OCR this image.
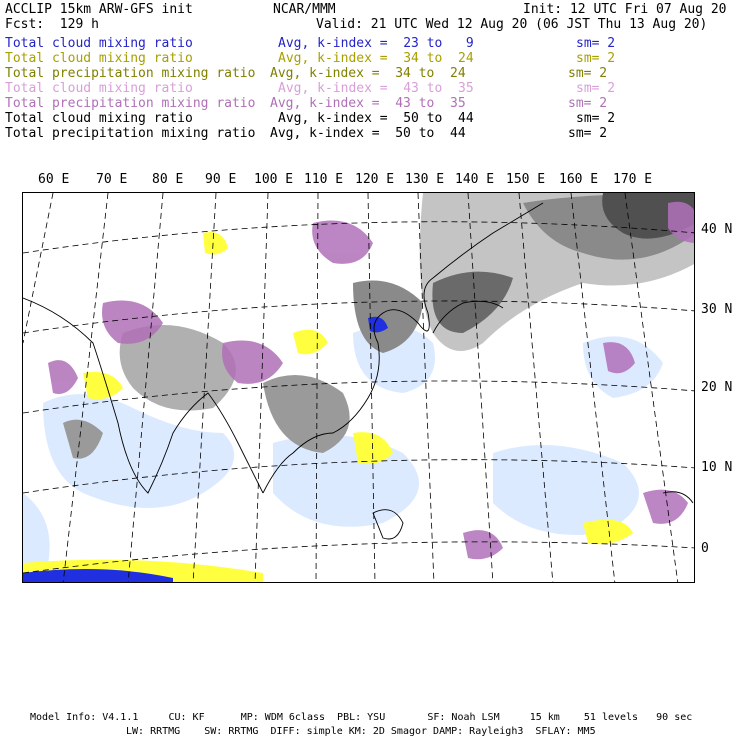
ACCLIP 15km ARW-GFS init	NCAR/MMM	Init: 12 UTC Fri 07 Aug 20
Fcst:  129 h	Valid: 21 UTC Wed 12 Aug 20 (06 JST Thu 13 Aug 20)
Total cloud mixing ratio	Avg, k-index =  23 to   9	sm= 2
Total cloud mixing ratio	Avg, k-index =  34 to  24	sm= 2
Total precipitation mixing ratio Avg, k-index =  34 to  24	sm= 2
Total cloud mixing ratio	Avg, k-index =  43 to  35	sm= 2
Total precipitation mixing ratio Avg, k-index =  43 to  35	sm= 2
Total cloud mixing ratio	Avg, k-index =  50 to  44	sm= 2
Total precipitation mixing ratio Avg, k-index =  50 to  44	sm= 2
60 E 70 E 80 E 90 E 100 E 110 E 120 E 130 E 140 E 150 E 160 E 170 E
40 N
30 N
20 N
10 N
0
Model Info: V4.1.1     CU: KF      MP: WDM 6class  PBL: YSU       SF: Noah LSM     15 km    51 levels   90 sec
LW: RRTMG    SW: RRTMG  DIFF: simple KM: 2D Smagor DAMP: Rayleigh3  SFLAY: MM5
